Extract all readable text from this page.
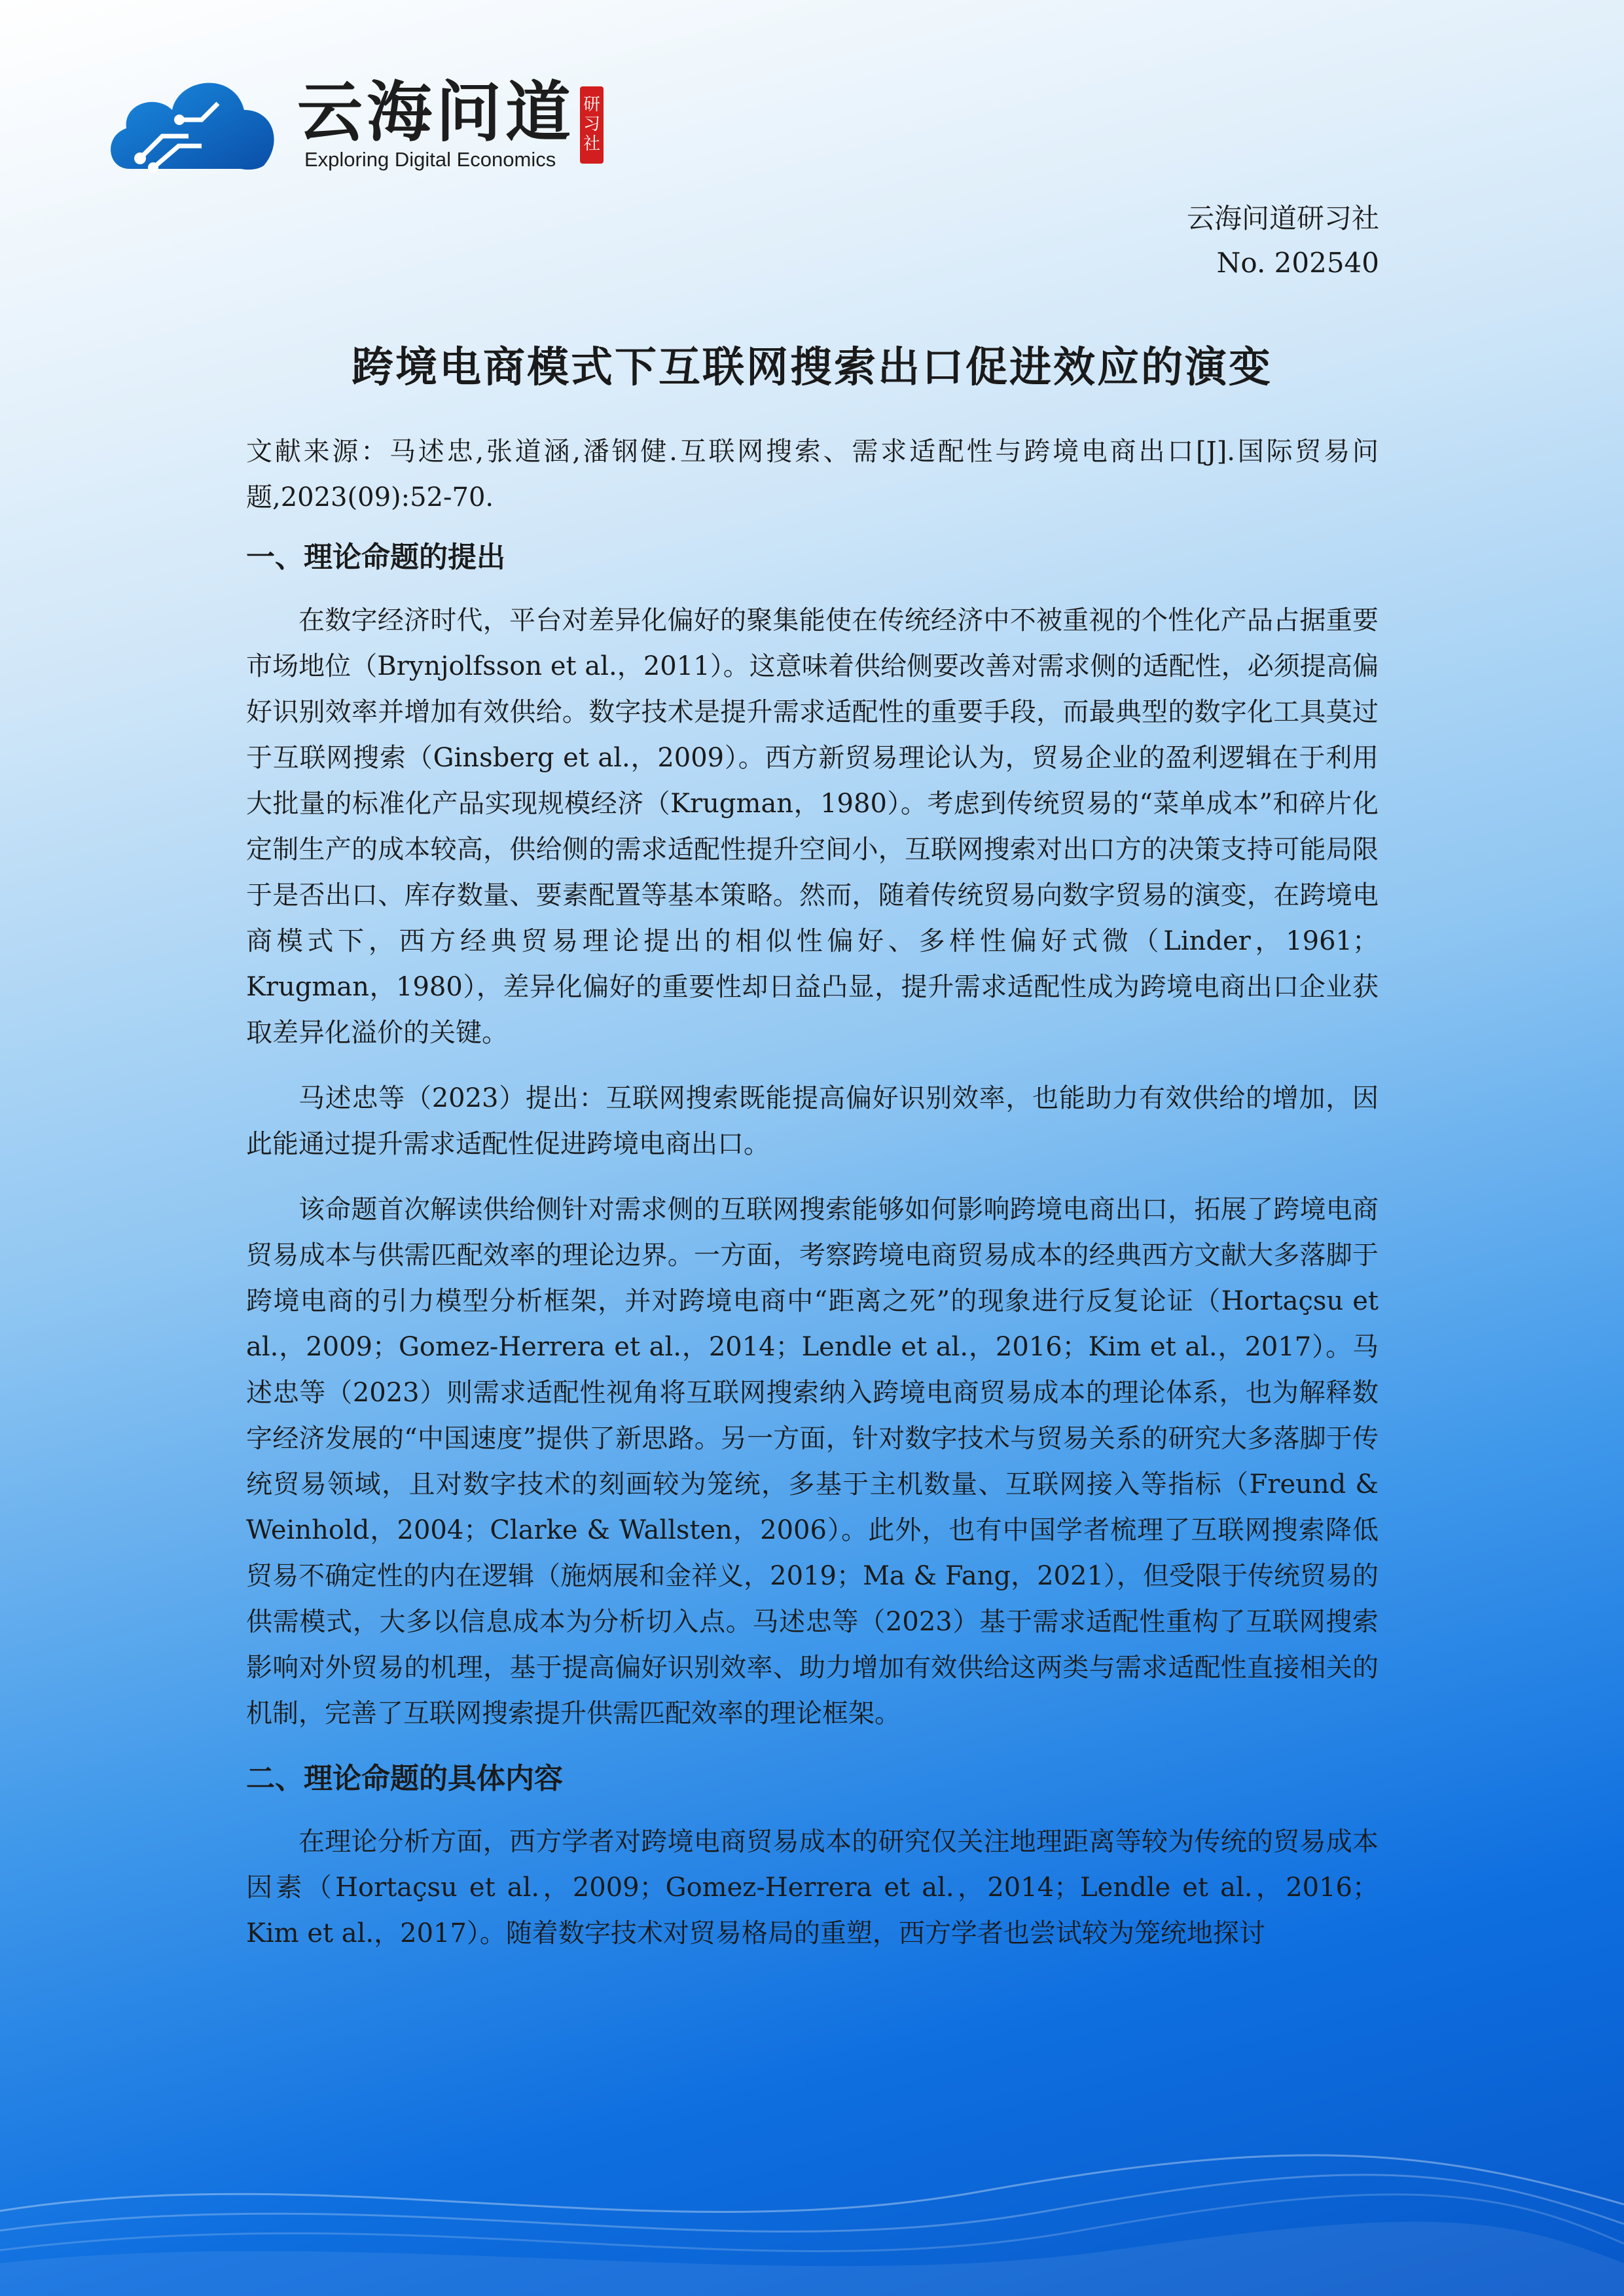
云海问道
Exploring Digital Economics
研
习
社
云海问道研习社
No. 202540
跨境电商模式下互联网搜索出口促进效应的演变

文献来源：马述忠,张道涵,潘钢健.互联网搜索、需求适配性与跨境电商出口[J].国际贸易问题,2023(09):52-70.

一、理论命题的提出

在数字经济时代，平台对差异化偏好的聚集能使在传统经济中不被重视的个性化产品占据重要市场地位（Brynjolfsson et al.，2011）。这意味着供给侧要改善对需求侧的适配性，必须提高偏好识别效率并增加有效供给。数字技术是提升需求适配性的重要手段，而最典型的数字化工具莫过于互联网搜索（Ginsberg et al.，2009）。西方新贸易理论认为，贸易企业的盈利逻辑在于利用大批量的标准化产品实现规模经济（Krugman，1980）。考虑到传统贸易的“菜单成本”和碎片化定制生产的成本较高，供给侧的需求适配性提升空间小，互联网搜索对出口方的决策支持可能局限于是否出口、库存数量、要素配置等基本策略。然而，随着传统贸易向数字贸易的演变，在跨境电商模式下，西方经典贸易理论提出的相似性偏好、多样性偏好式微（Linder，1961；Krugman，1980），差异化偏好的重要性却日益凸显，提升需求适配性成为跨境电商出口企业获取差异化溢价的关键。

马述忠等（2023）提出：互联网搜索既能提高偏好识别效率，也能助力有效供给的增加，因此能通过提升需求适配性促进跨境电商出口。

该命题首次解读供给侧针对需求侧的互联网搜索能够如何影响跨境电商出口，拓展了跨境电商贸易成本与供需匹配效率的理论边界。一方面，考察跨境电商贸易成本的经典西方文献大多落脚于跨境电商的引力模型分析框架，并对跨境电商中“距离之死”的现象进行反复论证（Hortaçsu et al.，2009；Gomez-Herrera et al.，2014；Lendle et al.，2016；Kim et al.，2017）。马述忠等（2023）则需求适配性视角将互联网搜索纳入跨境电商贸易成本的理论体系，也为解释数字经济发展的“中国速度”提供了新思路。另一方面，针对数字技术与贸易关系的研究大多落脚于传统贸易领域，且对数字技术的刻画较为笼统，多基于主机数量、互联网接入等指标（Freund & Weinhold，2004；Clarke & Wallsten，2006）。此外，也有中国学者梳理了互联网搜索降低贸易不确定性的内在逻辑（施炳展和金祥义，2019；Ma & Fang，2021），但受限于传统贸易的供需模式，大多以信息成本为分析切入点。马述忠等（2023）基于需求适配性重构了互联网搜索影响对外贸易的机理，基于提高偏好识别效率、助力增加有效供给这两类与需求适配性直接相关的机制，完善了互联网搜索提升供需匹配效率的理论框架。

二、理论命题的具体内容

在理论分析方面，西方学者对跨境电商贸易成本的研究仅关注地理距离等较为传统的贸易成本因素（Hortaçsu et al.，2009；Gomez-Herrera et al.，2014；Lendle et al.，2016；Kim et al.，2017）。随着数字技术对贸易格局的重塑，西方学者也尝试较为笼统地探讨
